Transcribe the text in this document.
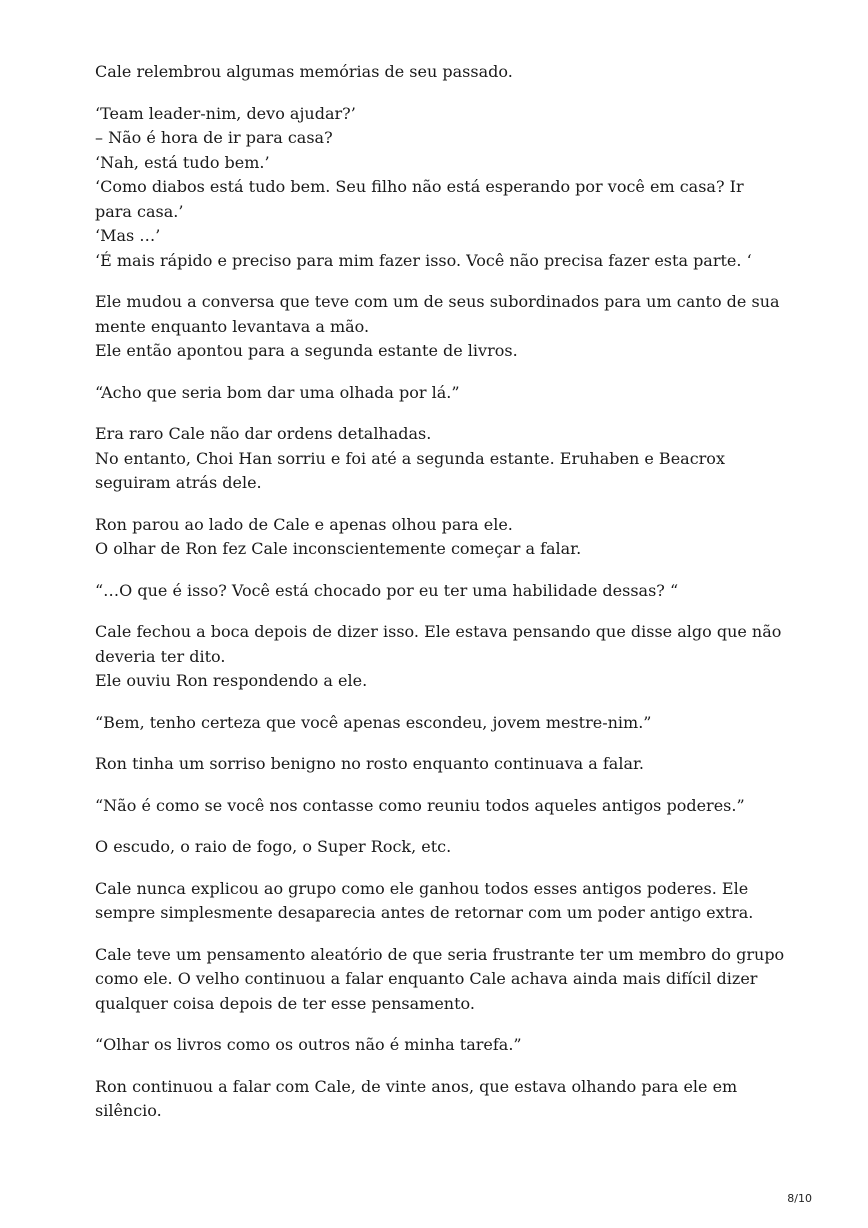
Cale relembrou algumas memórias de seu passado.

‘Team leader-nim, devo ajudar?’
– Não é hora de ir para casa?
‘Nah, está tudo bem.’
‘Como diabos está tudo bem. Seu filho não está esperando por você em casa? Ir para casa.’
‘Mas …’
‘É mais rápido e preciso para mim fazer isso. Você não precisa fazer esta parte. ‘

Ele mudou a conversa que teve com um de seus subordinados para um canto de sua mente enquanto levantava a mão.
Ele então apontou para a segunda estante de livros.

“Acho que seria bom dar uma olhada por lá.”

Era raro Cale não dar ordens detalhadas.
No entanto, Choi Han sorriu e foi até a segunda estante. Eruhaben e Beacrox seguiram atrás dele.

Ron parou ao lado de Cale e apenas olhou para ele.
O olhar de Ron fez Cale inconscientemente começar a falar.

“…O que é isso? Você está chocado por eu ter uma habilidade dessas? “

Cale fechou a boca depois de dizer isso. Ele estava pensando que disse algo que não deveria ter dito.
Ele ouviu Ron respondendo a ele.

“Bem, tenho certeza que você apenas escondeu, jovem mestre-nim.”

Ron tinha um sorriso benigno no rosto enquanto continuava a falar.

“Não é como se você nos contasse como reuniu todos aqueles antigos poderes.”

O escudo, o raio de fogo, o Super Rock, etc.

Cale nunca explicou ao grupo como ele ganhou todos esses antigos poderes. Ele sempre simplesmente desaparecia antes de retornar com um poder antigo extra.

Cale teve um pensamento aleatório de que seria frustrante ter um membro do grupo como ele. O velho continuou a falar enquanto Cale achava ainda mais difícil dizer qualquer coisa depois de ter esse pensamento.

“Olhar os livros como os outros não é minha tarefa.”

Ron continuou a falar com Cale, de vinte anos, que estava olhando para ele em silêncio.

8/10
